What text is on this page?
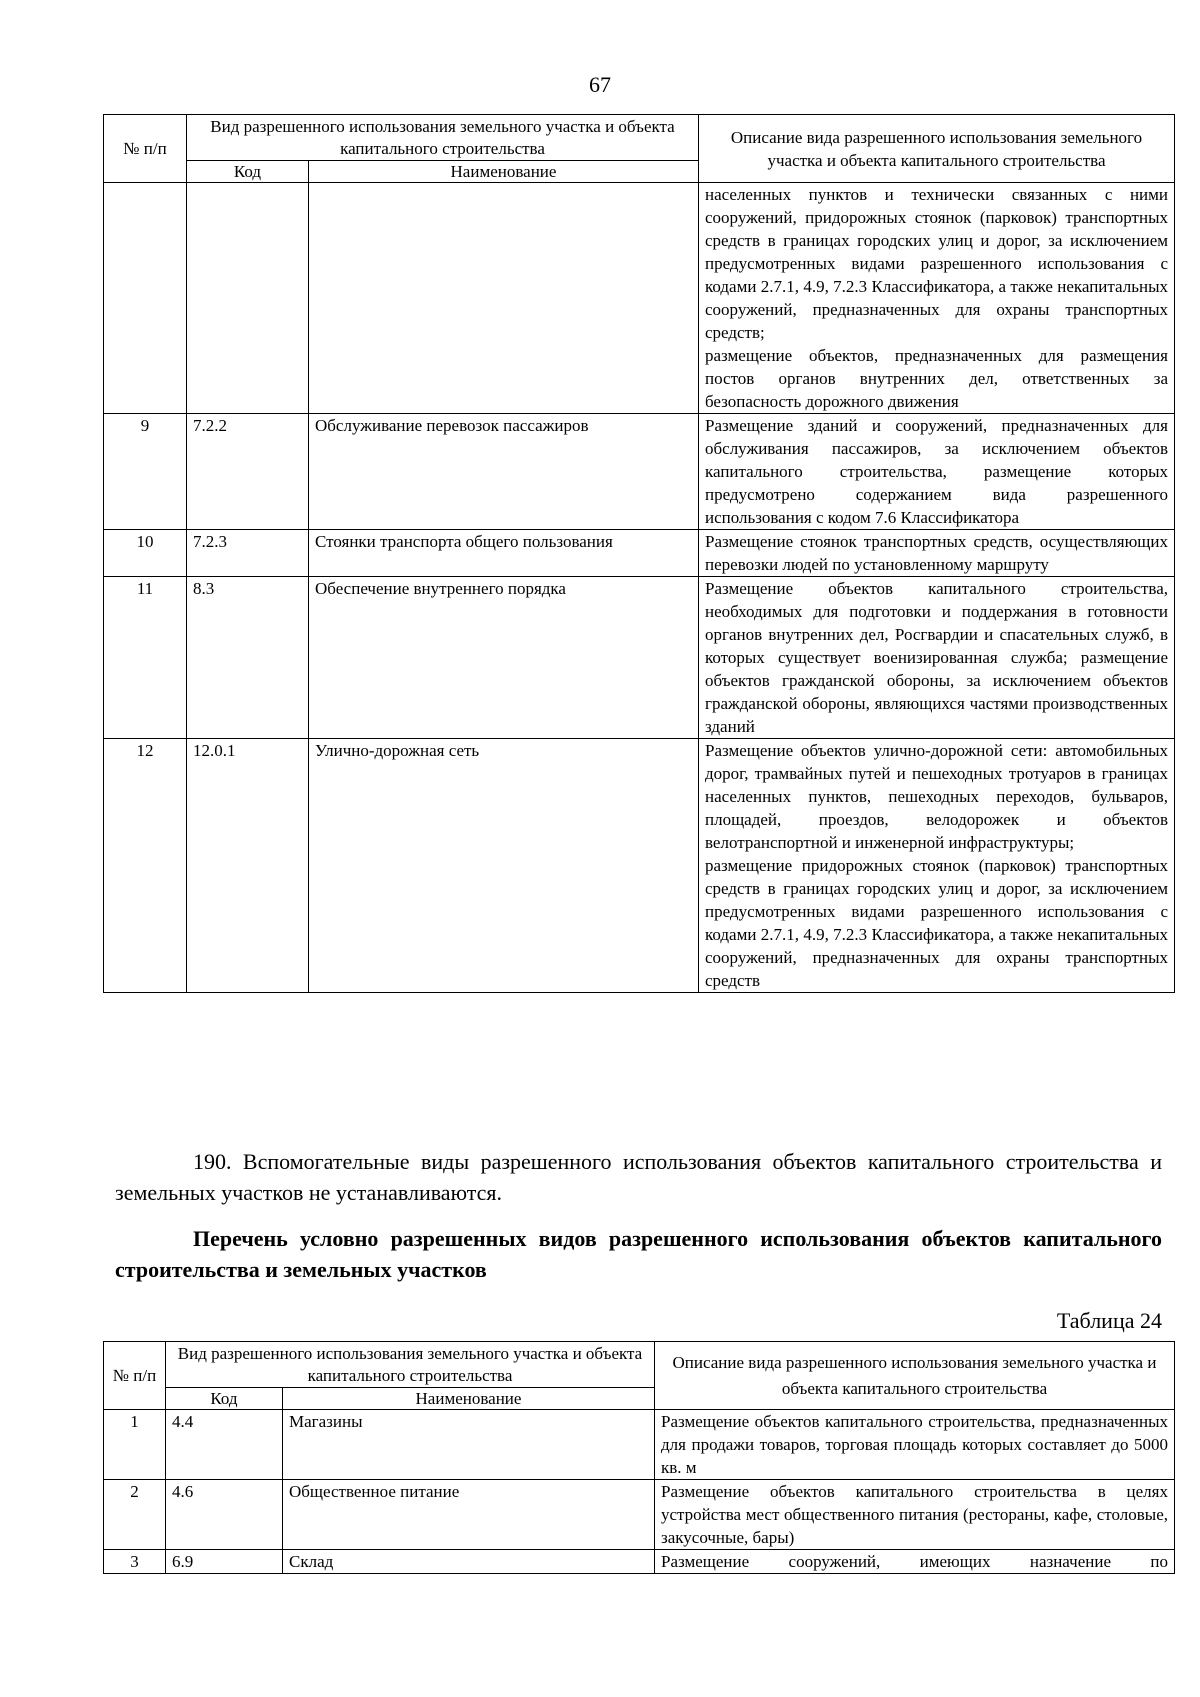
67
№ п/п	Вид разрешенного использования земельного участка и объекта капитального строительства		Описание вида разрешенного использования земельного участка и объекта капитального строительства
	Код	Наименование	

			населенных пунктов и технически связанных с ними сооружений, придорожных стоянок (парковок) транспортных средств в границах городских улиц и дорог, за исключением предусмотренных видами разрешенного использования с кодами 2.7.1, 4.9, 7.2.3 Классификатора, а также некапитальных сооружений, предназначенных для охраны транспортных средств;

размещение объектов, предназначенных для размещения постов органов внутренних дел, ответственных за безопасность дорожного движения

9	7.2.2	Обслуживание перевозок пассажиров	Размещение зданий и сооружений, предназначенных для обслуживания пассажиров, за исключением объектов капитального строительства, размещение которых предусмотрено содержанием вида разрешенного использования с кодом 7.6 Классификатора

10	7.2.3	Стоянки транспорта общего пользования	Размещение стоянок транспортных средств, осуществляющих перевозки людей по установленному маршруту

11	8.3	Обеспечение внутреннего порядка	Размещение объектов капитального строительства, необходимых для подготовки и поддержания в готовности органов внутренних дел, Росгвардии и спасательных служб, в которых существует военизированная служба; размещение объектов гражданской обороны, за исключением объектов гражданской обороны, являющихся частями производственных зданий

12	12.0.1	Улично-дорожная сеть	Размещение объектов улично-дорожной сети: автомобильных дорог, трамвайных путей и пешеходных тротуаров в границах населенных пунктов, пешеходных переходов, бульваров, площадей, проездов, велодорожек и объектов велотранспортной и инженерной инфраструктуры;

размещение придорожных стоянок (парковок) транспортных средств в границах городских улиц и дорог, за исключением предусмотренных видами разрешенного использования с кодами 2.7.1, 4.9, 7.2.3 Классификатора, а также некапитальных сооружений, предназначенных для охраны транспортных средств

190. Вспомогательные виды разрешенного использования объектов капитального строительства и земельных участков не устанавливаются.

Перечень условно разрешенных видов разрешенного использования объектов капитального строительства и земельных участков

Таблица 24
№ п/п	Вид разрешенного использования земельного участка и объекта капитального строительства		Описание вида разрешенного использования земельного участка и объекта капитального строительства
	Код	Наименование	
1	4.4	Магазины	Размещение объектов капитального строительства, предназначенных для продажи товаров, торговая площадь которых составляет до 5000 кв. м
2	4.6	Общественное питание	Размещение объектов капитального строительства в целях устройства мест общественного питания (рестораны, кафе, столовые, закусочные, бары)
3	6.9	Склад	Размещение сооружений, имеющих назначение по
